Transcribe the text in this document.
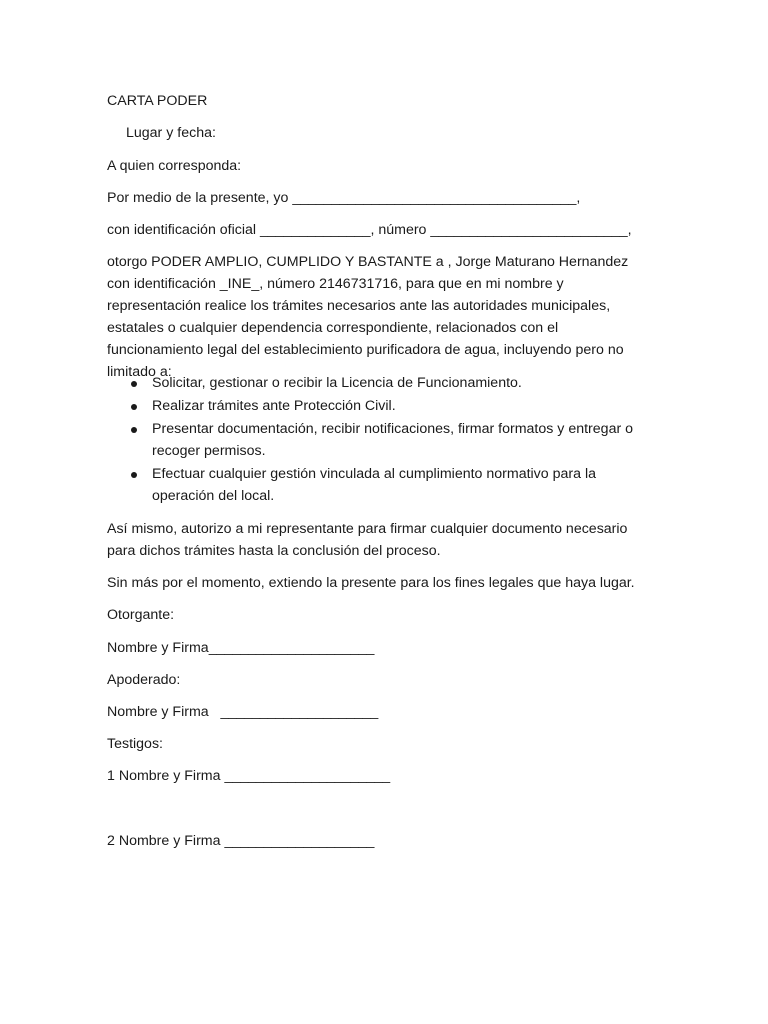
CARTA PODER
Lugar y fecha:
A quien corresponda:
Por medio de la presente, yo ____________________________________,
con identificación oficial ______________, número _________________________,
otorgo PODER AMPLIO, CUMPLIDO Y BASTANTE a , Jorge Maturano Hernandez con identificación _INE_, número 2146731716, para que en mi nombre y representación realice los trámites necesarios ante las autoridades municipales, estatales o cualquier dependencia correspondiente, relacionados con el funcionamiento legal del establecimiento purificadora de agua, incluyendo pero no limitado a:
Solicitar, gestionar o recibir la Licencia de Funcionamiento.
Realizar trámites ante Protección Civil.
Presentar documentación, recibir notificaciones, firmar formatos y entregar o recoger permisos.
Efectuar cualquier gestión vinculada al cumplimiento normativo para la operación del local.
Así mismo, autorizo a mi representante para firmar cualquier documento necesario para dichos trámites hasta la conclusión del proceso.
Sin más por el momento, extiendo la presente para los fines legales que haya lugar.
Otorgante:
Nombre y Firma_____________________
Apoderado:
Nombre y Firma   ____________________
Testigos:
1 Nombre y Firma _____________________
2 Nombre y Firma ___________________
